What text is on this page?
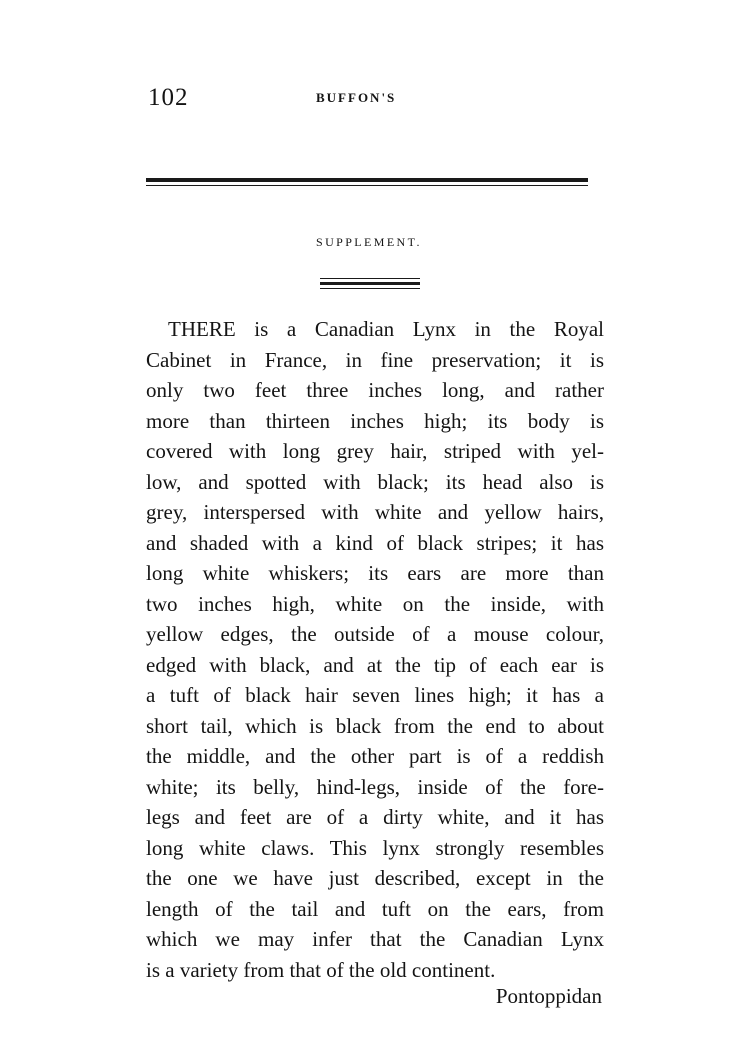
102	BUFFON'S
SUPPLEMENT.
THERE is a Canadian Lynx in the Royal
Cabinet in France, in fine preservation; it is
only two feet three inches long, and rather
more than thirteen inches high; its body is
covered with long grey hair, striped with yel-
low, and spotted with black; its head also is
grey, interspersed with white and yellow hairs,
and shaded with a kind of black stripes; it has
long white whiskers; its ears are more than
two inches high, white on the inside, with
yellow edges, the outside of a mouse colour,
edged with black, and at the tip of each ear is
a tuft of black hair seven lines high; it has a
short tail, which is black from the end to about
the middle, and the other part is of a reddish
white; its belly, hind-legs, inside of the fore-
legs and feet are of a dirty white, and it has
long white claws. This lynx strongly resembles
the one we have just described, except in the
length of the tail and tuft on the ears, from
which we may infer that the Canadian Lynx
is a variety from that of the old continent.
Pontoppidan
